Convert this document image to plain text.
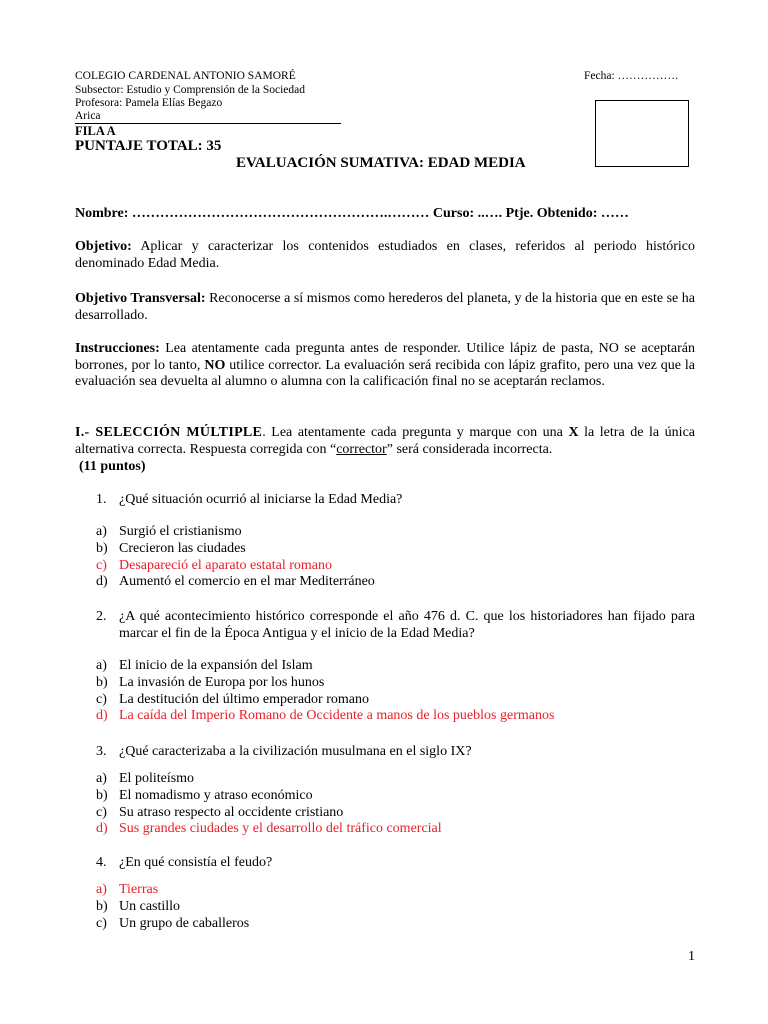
COLEGIO CARDENAL ANTONIO SAMORÉ
Subsector: Estudio y Comprensión de la Sociedad
Profesora: Pamela Elías Begazo
Arica
Fecha: …………….
FILA A
PUNTAJE TOTAL: 35
EVALUACIÓN SUMATIVA: EDAD MEDIA
Nombre: ……………………………………………….……… Curso: ..…. Ptje. Obtenido: ……
Objetivo: Aplicar y caracterizar los contenidos estudiados en clases, referidos al periodo histórico denominado Edad Media.
Objetivo Transversal: Reconocerse a sí mismos como herederos del planeta, y de la historia que en este se ha desarrollado.
Instrucciones: Lea atentamente cada pregunta antes de responder. Utilice lápiz de pasta, NO se aceptarán borrones, por lo tanto, NO utilice corrector. La evaluación será recibida con lápiz grafito, pero una vez que la evaluación sea devuelta al alumno o alumna con la calificación final no se aceptarán reclamos.
I.- SELECCIÓN MÚLTIPLE. Lea atentamente cada pregunta y marque con una X la letra de la única alternativa correcta. Respuesta corregida con “corrector” será considerada incorrecta.
(11 puntos)
1. ¿Qué situación ocurrió al iniciarse la Edad Media?
a) Surgió el cristianismo
b) Crecieron las ciudades
c) Desapareció el aparato estatal romano
d) Aumentó el comercio en el mar Mediterráneo
2. ¿A qué acontecimiento histórico corresponde el año 476 d. C. que los historiadores han fijado para marcar el fin de la Época Antigua y el inicio de la Edad Media?
a) El inicio de la expansión del Islam
b) La invasión de Europa por los hunos
c) La destitución del último emperador romano
d) La caída del Imperio Romano de Occidente a manos de los pueblos germanos
3. ¿Qué caracterizaba a la civilización musulmana en el siglo IX?
a) El politeísmo
b) El nomadismo y atraso económico
c) Su atraso respecto al occidente cristiano
d) Sus grandes ciudades y el desarrollo del tráfico comercial
4. ¿En qué consistía el feudo?
a) Tierras
b) Un castillo
c) Un grupo de caballeros
1
